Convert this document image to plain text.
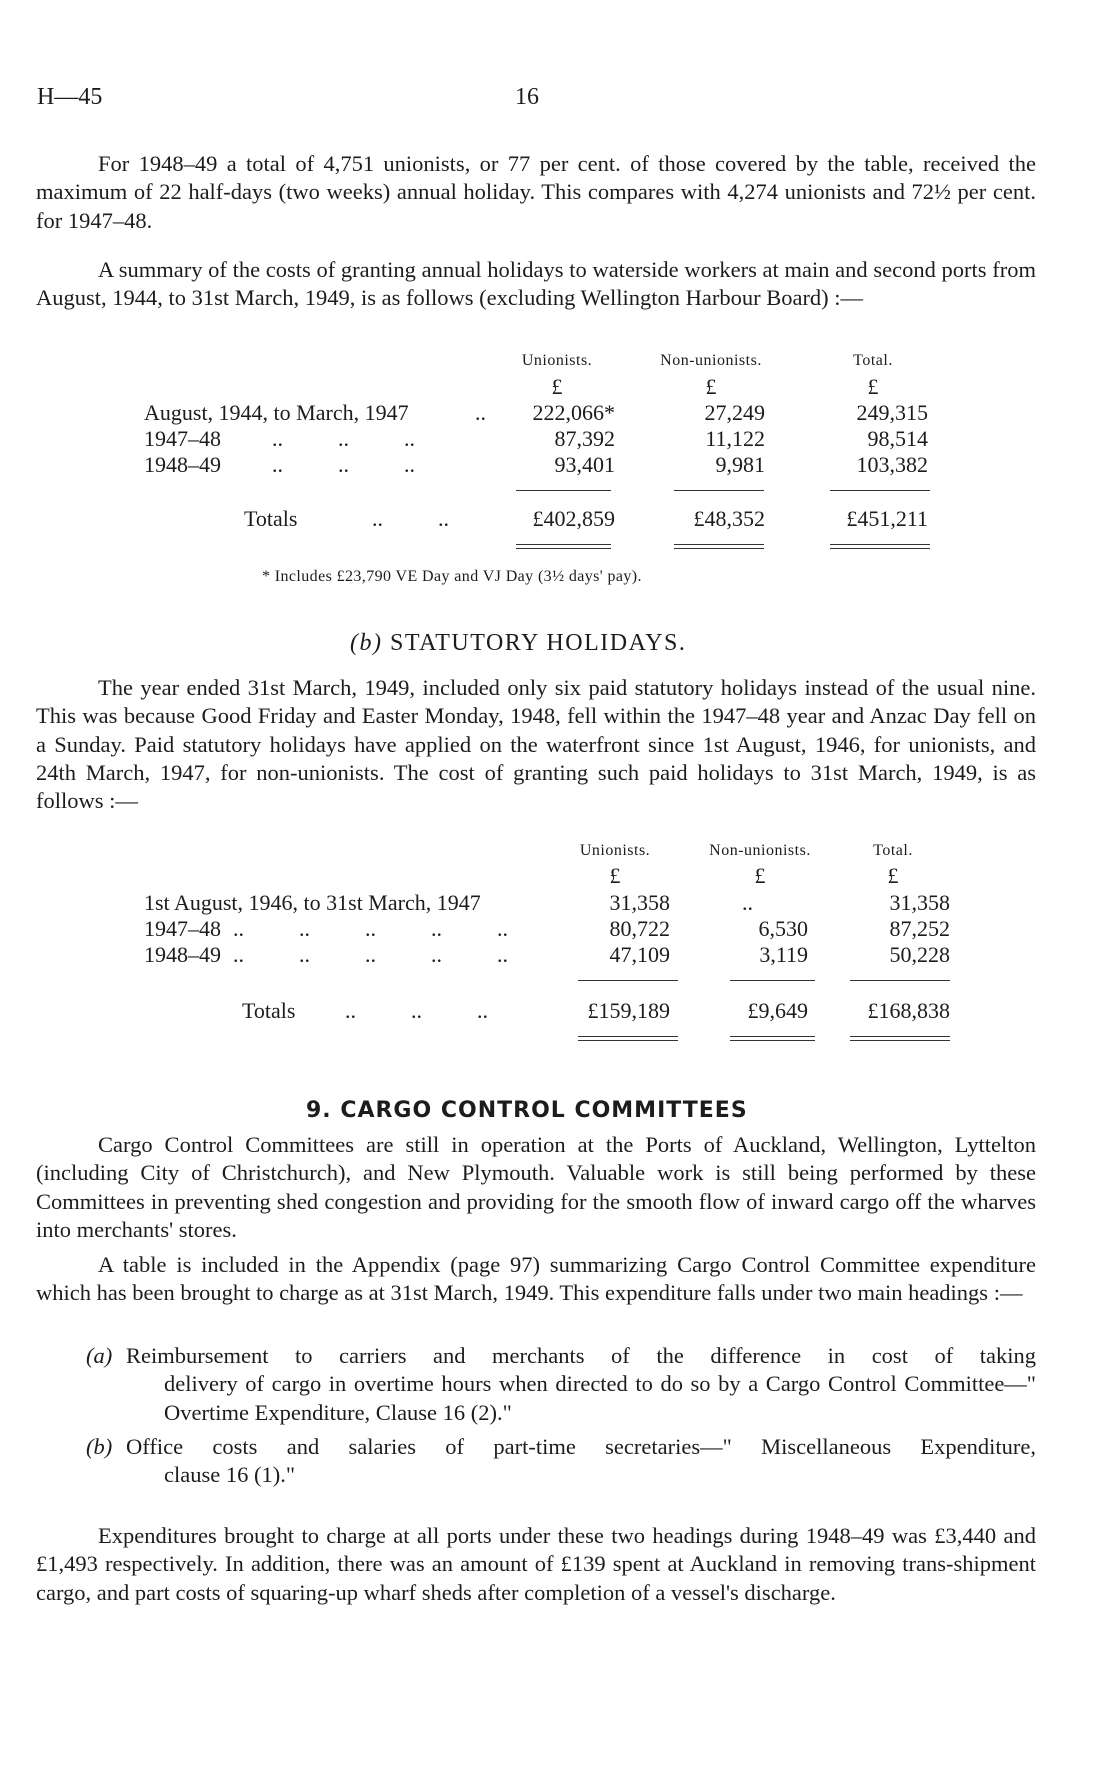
H—45	16

For 1948–49 a total of 4,751 unionists, or 77 per cent. of those covered by the table, received the maximum of 22 half-days (two weeks) annual holiday. This compares with 4,274 unionists and 72½ per cent. for 1947–48.

A summary of the costs of granting annual holidays to waterside workers at main and second ports from August, 1944, to 31st March, 1949, is as follows (excluding Wellington Harbour Board) :—

Unionists.	Non-unionists.	Total.
£	£	£
August, 1944, to March, 1947	..	222,066*	27,249	249,315
1947–48 ..          ..          ..	87,392	11,122	98,514
1948–49 ..          ..          ..	93,401	9,981	103,382
Totals	..          ..	£402,859	£48,352	£451,211
* Includes £23,790 VE Day and VJ Day (3½ days' pay).
(b) STATUTORY HOLIDAYS.

The year ended 31st March, 1949, included only six paid statutory holidays instead of the usual nine. This was because Good Friday and Easter Monday, 1948, fell within the 1947–48 year and Anzac Day fell on a Sunday. Paid statutory holidays have applied on the waterfront since 1st August, 1946, for unionists, and 24th March, 1947, for non-unionists. The cost of granting such paid holidays to 31st March, 1949, is as follows :—

Unionists.	Non-unionists.	Total.
£	£	£
1st August, 1946, to 31st March, 1947	31,358	..	31,358
1947–48 ..          ..          ..          ..          ..	80,722	6,530	87,252
1948–49 ..          ..          ..          ..          ..	47,109	3,119	50,228
Totals ..          ..          ..	£159,189	£9,649	£168,838
9. CARGO CONTROL COMMITTEES

Cargo Control Committees are still in operation at the Ports of Auckland, Wellington, Lyttelton (including City of Christchurch), and New Plymouth. Valuable work is still being performed by these Committees in preventing shed congestion and providing for the smooth flow of inward cargo off the wharves into merchants' stores.

A table is included in the Appendix (page 97) summarizing Cargo Control Committee expenditure which has been brought to charge as at 31st March, 1949. This expenditure falls under two main headings :—

(a) Reimbursement to carriers and merchants of the difference in cost of taking
delivery of cargo in overtime hours when directed to do so by a Cargo Control Committee—" Overtime Expenditure, Clause 16 (2)."
(b) Office costs and salaries of part-time secretaries—" Miscellaneous Expenditure,
clause 16 (1)."

Expenditures brought to charge at all ports under these two headings during 1948–49 was £3,440 and £1,493 respectively. In addition, there was an amount of £139 spent at Auckland in removing trans-shipment cargo, and part costs of squaring-up wharf sheds after completion of a vessel's discharge.
